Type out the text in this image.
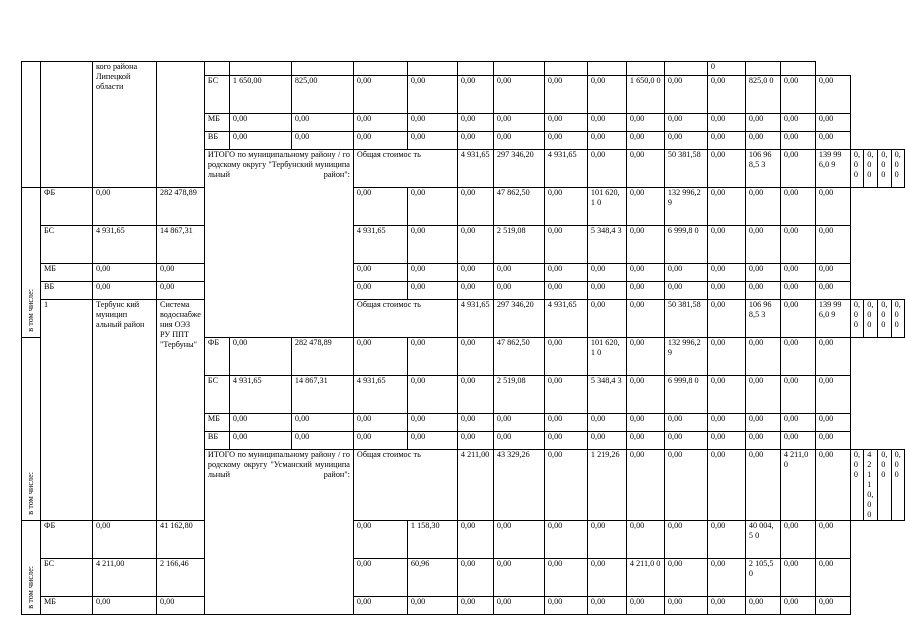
		кого района Липецкой области													0							
				БС	1 650,00	825,00	0,00	0,00	0,00	0,00	0,00	0,00	1 650,0 0	0,00	0,00	825,0 0	0,00	0,00				
				МБ	0,00	0,00	0,00	0,00	0,00	0,00	0,00	0,00	0,00	0,00	0,00	0,00	0,00	0,00				
				ВБ	0,00	0,00	0,00	0,00	0,00	0,00	0,00	0,00	0,00	0,00	0,00	0,00	0,00	0,00				
				ИТОГО по муниципальному району / городскому округу "Тербунский муниципальный район":			Общая стоимос ть		4 931,65	297 346,20	4 931,65	0,00	0,00	50 381,58	0,00	106 968,5 3	0,00	139 996,0 9	0,00	0,00	0,00	0,00
в том числе:	ФБ	0,00	282 478,89				0,00	0,00	0,00	47 862,50	0,00	101 620,1 0	0,00	132 996,2 9	0,00	0,00	0,00	0,00				
	БС	4 931,65	14 867,31				4 931,65	0,00	0,00	2 519,08	0,00	5 348,4 3	0,00	6 999,8 0	0,00	0,00	0,00	0,00				
	МБ	0,00	0,00				0,00	0,00	0,00	0,00	0,00	0,00	0,00	0,00	0,00	0,00	0,00	0,00				
	ВБ	0,00	0,00				0,00	0,00	0,00	0,00	0,00	0,00	0,00	0,00	0,00	0,00	0,00	0,00				
	1	Тербунс кий муницип альный район	Система водоснабже ния ОЭЗ РУ ППТ "Тербуны"				Общая стоимос ть		4 931,65	297 346,20	4 931,65	0,00	0,00	50 381,58	0,00	106 968,5 3	0,00	139 996,0 9	0,00	0,00	0,00	0,00
в том числе:				ФБ	0,00	282 478,89	0,00	0,00	0,00	47 862,50	0,00	101 620,1 0	0,00	132 996,2 9	0,00	0,00	0,00	0,00				
				БС	4 931,65	14 867,31	4 931,65	0,00	0,00	2 519,08	0,00	5 348,4 3	0,00	6 999,8 0	0,00	0,00	0,00	0,00				
				МБ	0,00	0,00	0,00	0,00	0,00	0,00	0,00	0,00	0,00	0,00	0,00	0,00	0,00	0,00				
				ВБ	0,00	0,00	0,00	0,00	0,00	0,00	0,00	0,00	0,00	0,00	0,00	0,00	0,00	0,00				
				ИТОГО по муниципальному району / городскому округу "Усманский муниципальный район":			Общая стоимос ть		4 211,00	43 329,26	0,00	1 219,26	0,00	0,00	0,00	0,00	4 211,0 0	0,00	0,00	42 110,0 0	0,00	0,00
в том числе:	ФБ	0,00	41 162,80				0,00	1 158,30	0,00	0,00	0,00	0,00	0,00	0,00	0,00	40 004,5 0	0,00	0,00				
	БС	4 211,00	2 166,46				0,00	60,96	0,00	0,00	0,00	0,00	4 211,0 0	0,00	0,00	2 105,5 0	0,00	0,00				
	МБ	0,00	0,00				0,00	0,00	0,00	0,00	0,00	0,00	0,00	0,00	0,00	0,00	0,00	0,00				
